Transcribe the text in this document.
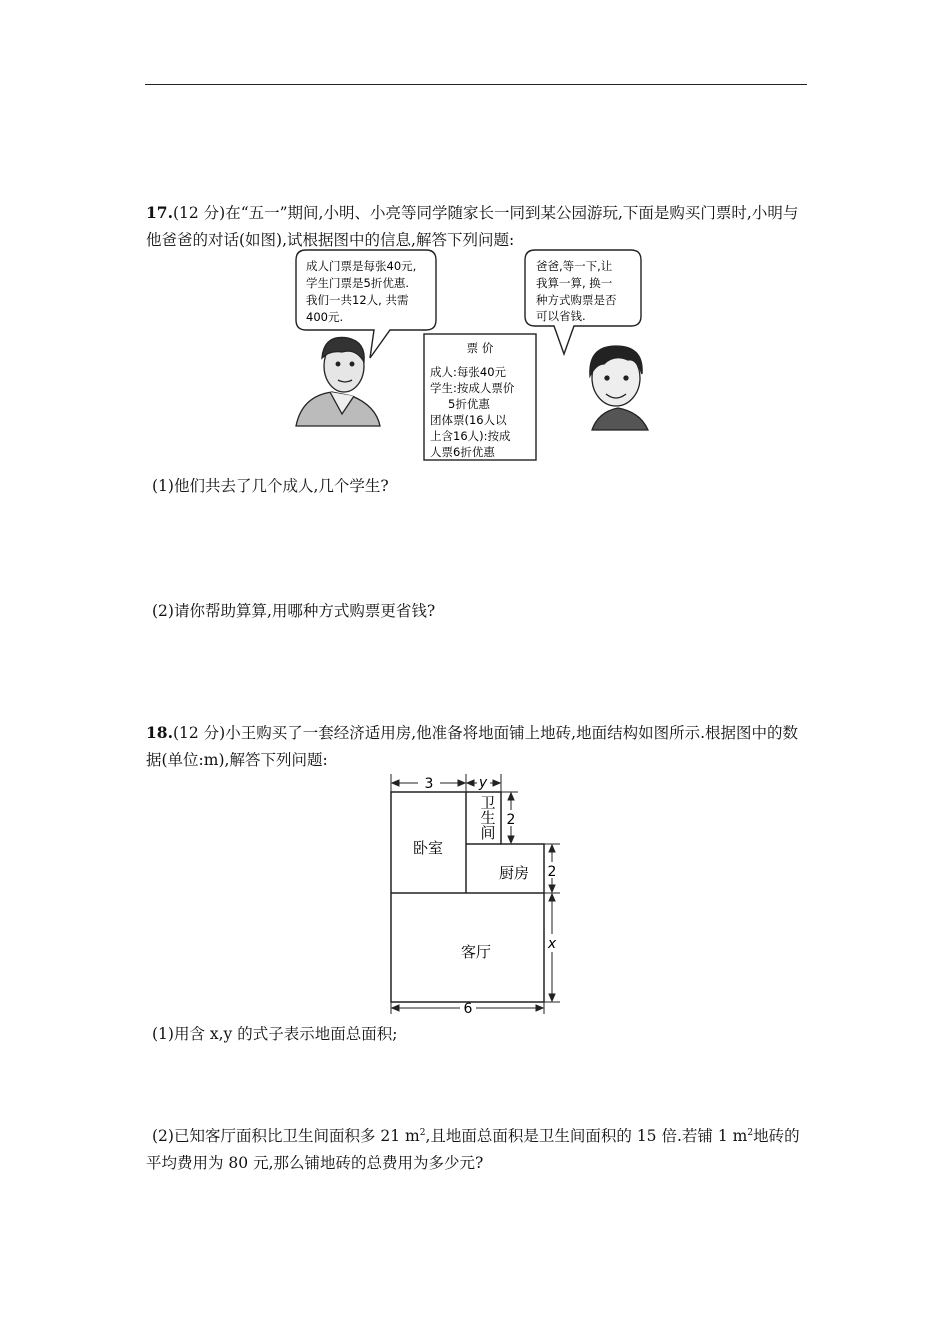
17.(12 分)在“五一”期间,小明、小亮等同学随家长一同到某公园游玩,下面是购买门票时,小明与他爸爸的对话(如图),试根据图中的信息,解答下列问题:
成人门票是每张40元,
学生门票是5折优惠.
我们一共12人, 共需
400元.
爸爸,等一下,让
我算一算, 换一
种方式购票是否
可以省钱.
票 价
成人:每张40元
学生:按成人票价
5折优惠
团体票(16人以
上含16人):按成
人票6折优惠
(1)他们共去了几个成人,几个学生?
(2)请你帮助算算,用哪种方式购票更省钱?
18.(12 分)小王购买了一套经济适用房,他准备将地面铺上地砖,地面结构如图所示.根据图中的数据(单位:m),解答下列问题:
卧室
卫
生
间
厨房
客厅
3	y
2
2
x
6
(1)用含 x,y 的式子表示地面总面积;
(2)已知客厅面积比卫生间面积多 21 $m^2$,且地面总面积是卫生间面积的 15 倍.若铺 1 $m^2$地砖的平均费用为 80 元,那么铺地砖的总费用为多少元?
